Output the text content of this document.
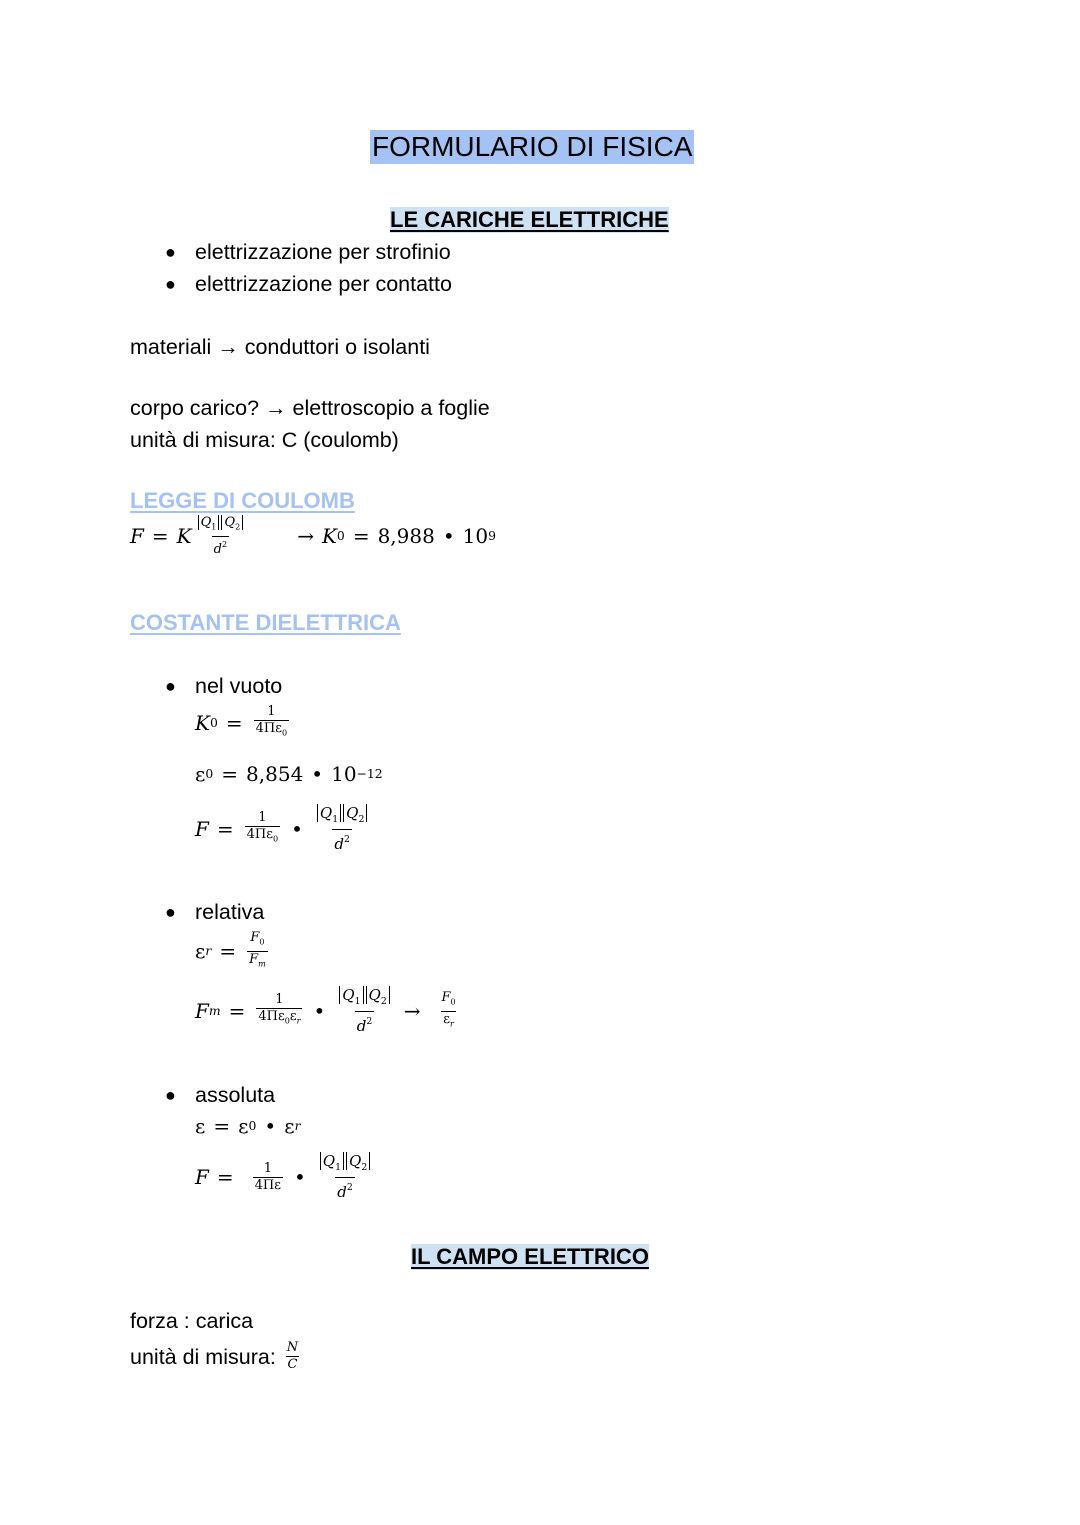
FORMULARIO DI FISICA
LE CARICHE ELETTRICHE
● elettrizzazione per strofinio
● elettrizzazione per contatto
materiali → conduttori o isolanti
corpo carico? → elettroscopio a foglie
unità di misura: C (coulomb)
LEGGE DI COULOMB
F = K $\frac{Q_1 Q_2}{d^2}$	→ K 0 = 8,988 • 10 9
COSTANTE DIELETTRICA
● nel vuoto
K $0 = \frac{1}{4\Pi\varepsilon_0}$
ε 0 = 8,854 • 10 −12
$F = \frac{1}{4\Pi\varepsilon_0}$ • $\frac{Q_1 Q_2}{d^2}$
● relativa
ε $r = \frac{F_0}{F_m}$
F $m = \frac{1}{4\Pi\varepsilon_0\varepsilon_r}$ • $\frac{Q_1 Q_2}{d^2} \to \frac{F_0}{\varepsilon_r}$
● assoluta
ε = ε 0 • ε r
$F = \frac{1}{4\Pi\varepsilon}$ • $\frac{Q_1 Q_2}{d^2}$
IL CAMPO ELETTRICO
forza : carica
unità di misura: $\frac{N}{C}$
